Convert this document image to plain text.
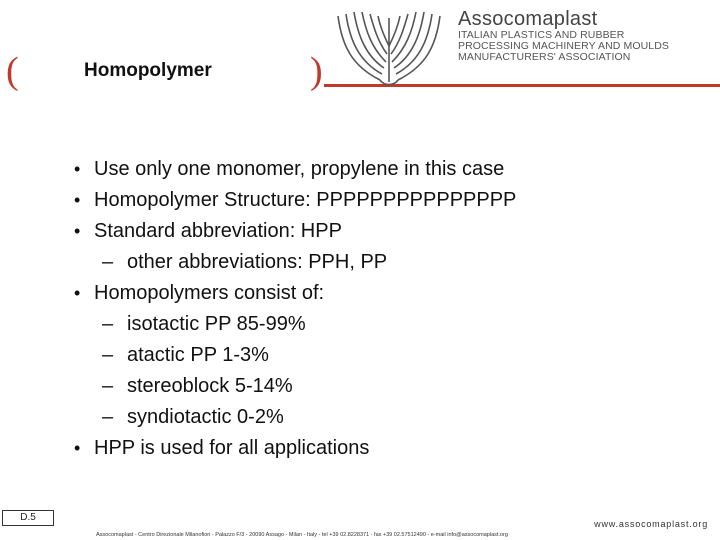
(	Homopolymer	)
Assocomaplast
ITALIAN PLASTICS AND RUBBER
PROCESSING MACHINERY AND MOULDS
MANUFACTURERS' ASSOCIATION
• Use only one monomer, propylene in this case
• Homopolymer Structure: PPPPPPPPPPPPPPP
• Standard abbreviation: HPP
– other abbreviations: PPH, PP
• Homopolymers consist of:
– isotactic PP 85-99%
– atactic PP 1-3%
– stereoblock 5-14%
– syndiotactic 0-2%
• HPP is used for all applications
D.5
www.assocomaplast.org
Assocomaplast - Centro Direzionale Milanofiori - Palazzo F/3 - 20090 Assago - Milan - Italy - tel +39 02.8228371 - fax +39 02.57512490 - e-mail info@assocomaplast.org
